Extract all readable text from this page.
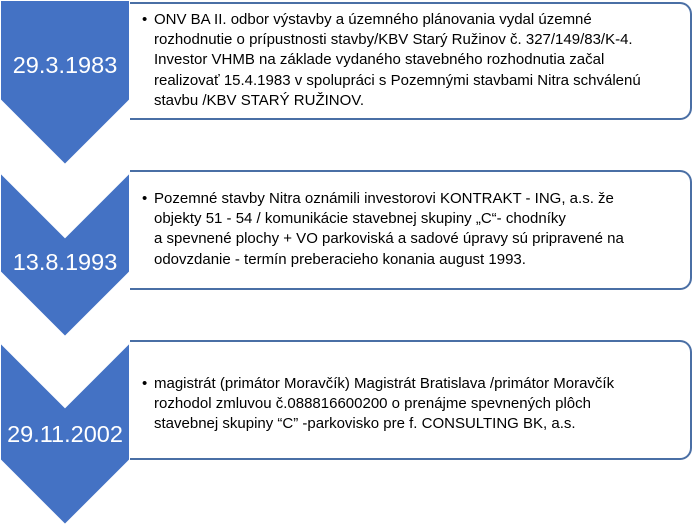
29.3.1983
13.8.1993
29.11.2002
• ONV BA II. odbor výstavby a územného plánovania vydal územné
rozhodnutie o prípustnosti stavby/KBV Starý Ružinov č. 327/149/83/K-4.
Investor VHMB na základe vydaného stavebného rozhodnutia začal
realizovať 15.4.1983 v spolupráci s Pozemnými stavbami Nitra schválenú
stavbu /KBV STARÝ RUŽINOV.
• Pozemné stavby Nitra oznámili investorovi KONTRAKT - ING, a.s. že
objekty 51 - 54 / komunikácie stavebnej skupiny „C“- chodníky
a spevnené plochy + VO parkoviská a sadové úpravy sú pripravené na
odovzdanie - termín preberacieho konania august 1993.
• magistrát (primátor Moravčík) Magistrát Bratislava /primátor Moravčík
rozhodol zmluvou č.088816600200 o prenájme spevnených plôch
stavebnej skupiny “C” -parkovisko pre f. CONSULTING BK, a.s.
